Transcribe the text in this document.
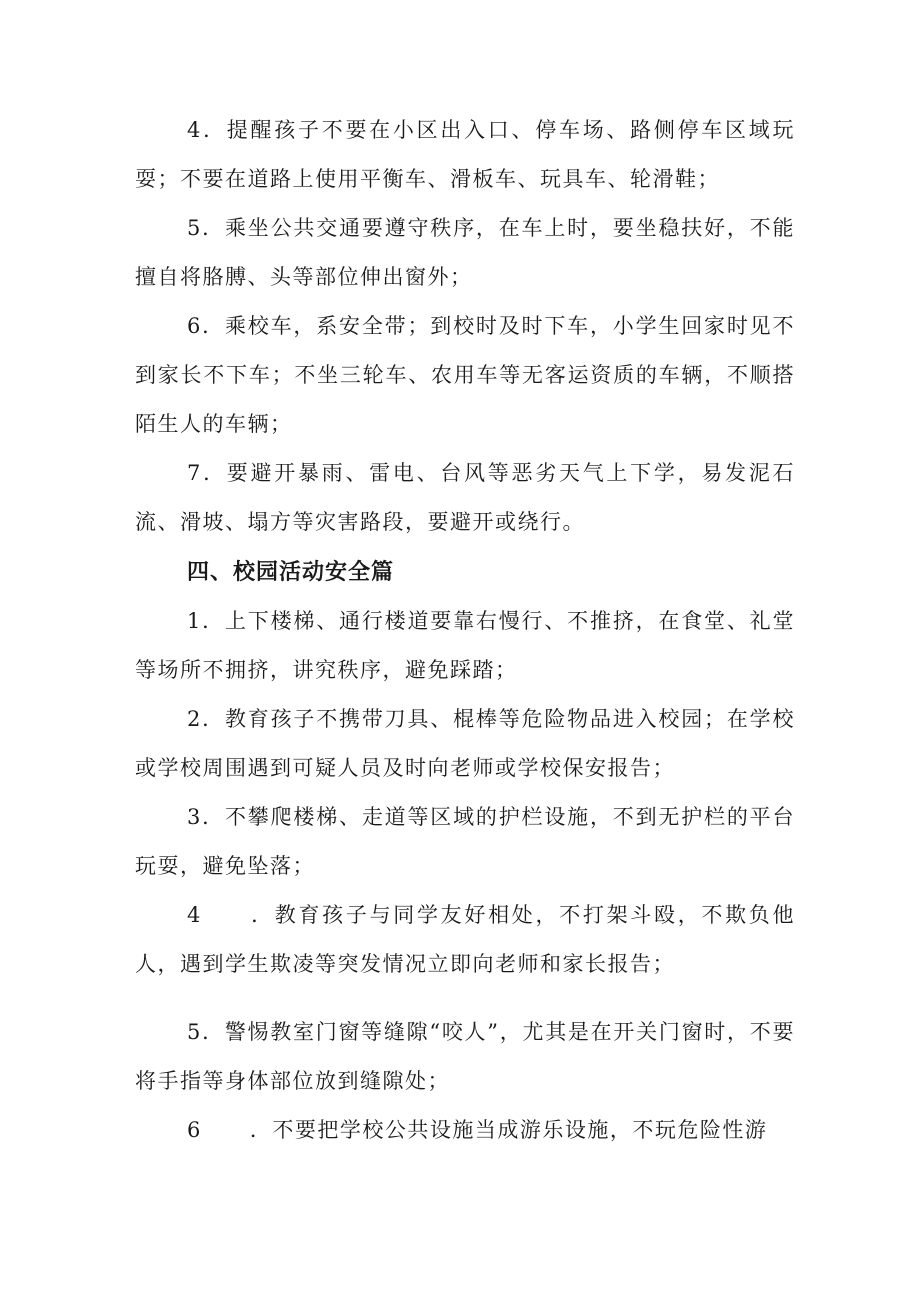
4．提醒孩子不要在小区出入口、停车场、路侧停车区域玩耍；不要在道路上使用平衡车、滑板车、玩具车、轮滑鞋；

5．乘坐公共交通要遵守秩序，在车上时，要坐稳扶好，不能擅自将胳膊、头等部位伸出窗外；

6．乘校车，系安全带；到校时及时下车，小学生回家时见不到家长不下车；不坐三轮车、农用车等无客运资质的车辆，不顺搭陌生人的车辆；

7．要避开暴雨、雷电、台风等恶劣天气上下学，易发泥石流、滑坡、塌方等灾害路段，要避开或绕行。

四、校园活动安全篇

1．上下楼梯、通行楼道要靠右慢行、不推挤，在食堂、礼堂等场所不拥挤，讲究秩序，避免踩踏；

2．教育孩子不携带刀具、棍棒等危险物品进入校园；在学校或学校周围遇到可疑人员及时向老师或学校保安报告；

3．不攀爬楼梯、走道等区域的护栏设施，不到无护栏的平台玩耍，避免坠落；

4 ．教育孩子与同学友好相处，不打架斗殴，不欺负他人，遇到学生欺凌等突发情况立即向老师和家长报告；

5．警惕教室门窗等缝隙“咬人”，尤其是在开关门窗时，不要将手指等身体部位放到缝隙处；

6 ．不要把学校公共设施当成游乐设施，不玩危险性游
